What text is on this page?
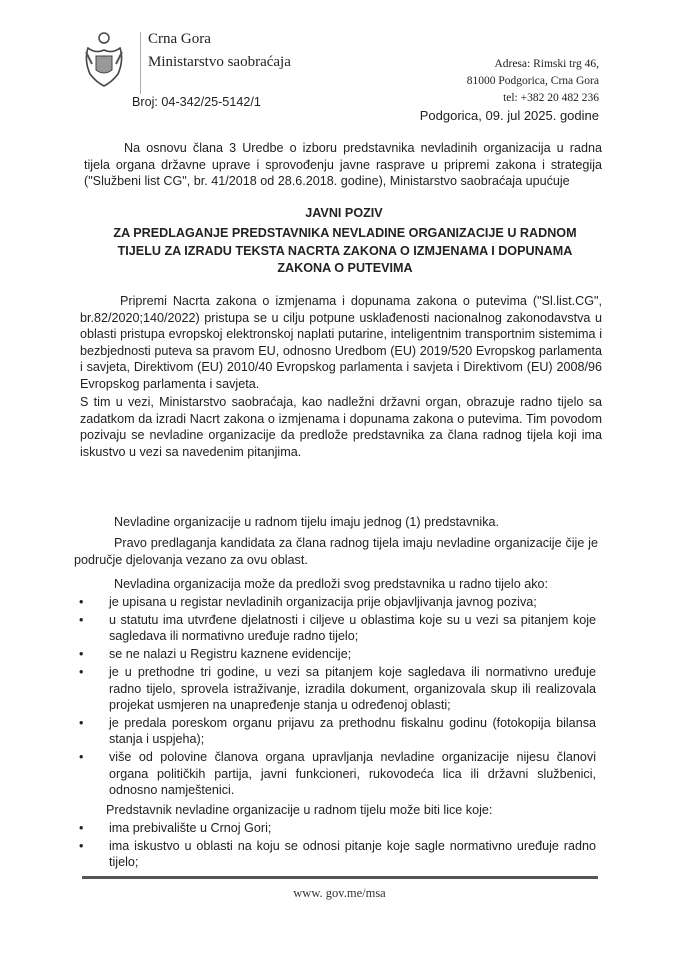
Crna Gora
Ministarstvo saobraćaja	Adresa: Rimski trg 46,
81000 Podgorica, Crna Gora
tel: +382 20 482 236
Broj: 04-342/25-5142/1
Podgorica, 09. jul 2025. godine

Na osnovu člana 3 Uredbe o izboru predstavnika nevladinih organizacija u radna tijela organa državne uprave i sprovođenju javne rasprave u pripremi zakona i strategija ("Službeni list CG", br. 41/2018 od 28.6.2018. godine), Ministarstvo saobraćaja upućuje

JAVNI POZIV
ZA PREDLAGANJE PREDSTAVNIKA NEVLADINE ORGANIZACIJE U RADNOM TIJELU ZA IZRADU TEKSTA NACRTA ZAKONA O IZMJENAMA I DOPUNAMA ZAKONA O PUTEVIMA

Pripremi Nacrta zakona o izmjenama i dopunama zakona o putevima ("Sl.list.CG", br.82/2020;140/2022) pristupa se u cilju potpune usklađenosti nacionalnog zakonodavstva u oblasti pristupa evropskoj elektronskoj naplati putarine, inteligentnim transportnim sistemima i bezbjednosti puteva sa pravom EU, odnosno Uredbom (EU) 2019/520 Evropskog parlamenta i savjeta, Direktivom (EU) 2010/40 Evropskog parlamenta i savjeta i Direktivom (EU) 2008/96 Evropskog parlamenta i savjeta.

S tim u vezi, Ministarstvo saobraćaja, kao nadležni državni organ, obrazuje radno tijelo sa zadatkom da izradi Nacrt zakona o izmjenama i dopunama zakona o putevima. Tim povodom pozivaju se nevladine organizacije da predlože predstavnika za člana radnog tijela koji ima iskustvo u vezi sa navedenim pitanjima.

Nevladine organizacije u radnom tijelu imaju jednog (1) predstavnika.

Pravo predlaganja kandidata za člana radnog tijela imaju nevladine organizacije čije je područje djelovanja vezano za ovu oblast.

Nevladina organizacija može da predloži svog predstavnika u radno tijelo ako:

• je upisana u registar nevladinih organizacija prije objavljivanja javnog poziva;
• u statutu ima utvrđene djelatnosti i ciljeve u oblastima koje su u vezi sa pitanjem koje sagledava ili normativno uređuje radno tijelo;
• se ne nalazi u Registru kaznene evidencije;
• je u prethodne tri godine, u vezi sa pitanjem koje sagledava ili normativno uređuje radno tijelo, sprovela istraživanje, izradila dokument, organizovala skup ili realizovala projekat usmjeren na unapređenje stanja u određenoj oblasti;
• je predala poreskom organu prijavu za prethodnu fiskalnu godinu (fotokopija bilansa stanja i uspjeha);
• više od polovine članova organa upravljanja nevladine organizacije nijesu članovi organa političkih partija, javni funkcioneri, rukovodeća lica ili državni službenici, odnosno namještenici.

Predstavnik nevladine organizacije u radnom tijelu može biti lice koje:

• ima prebivalište u Crnoj Gori;
• ima iskustvo u oblasti na koju se odnosi pitanje koje sagle normativno uređuje radno tijelo;
www. gov.me/msa
